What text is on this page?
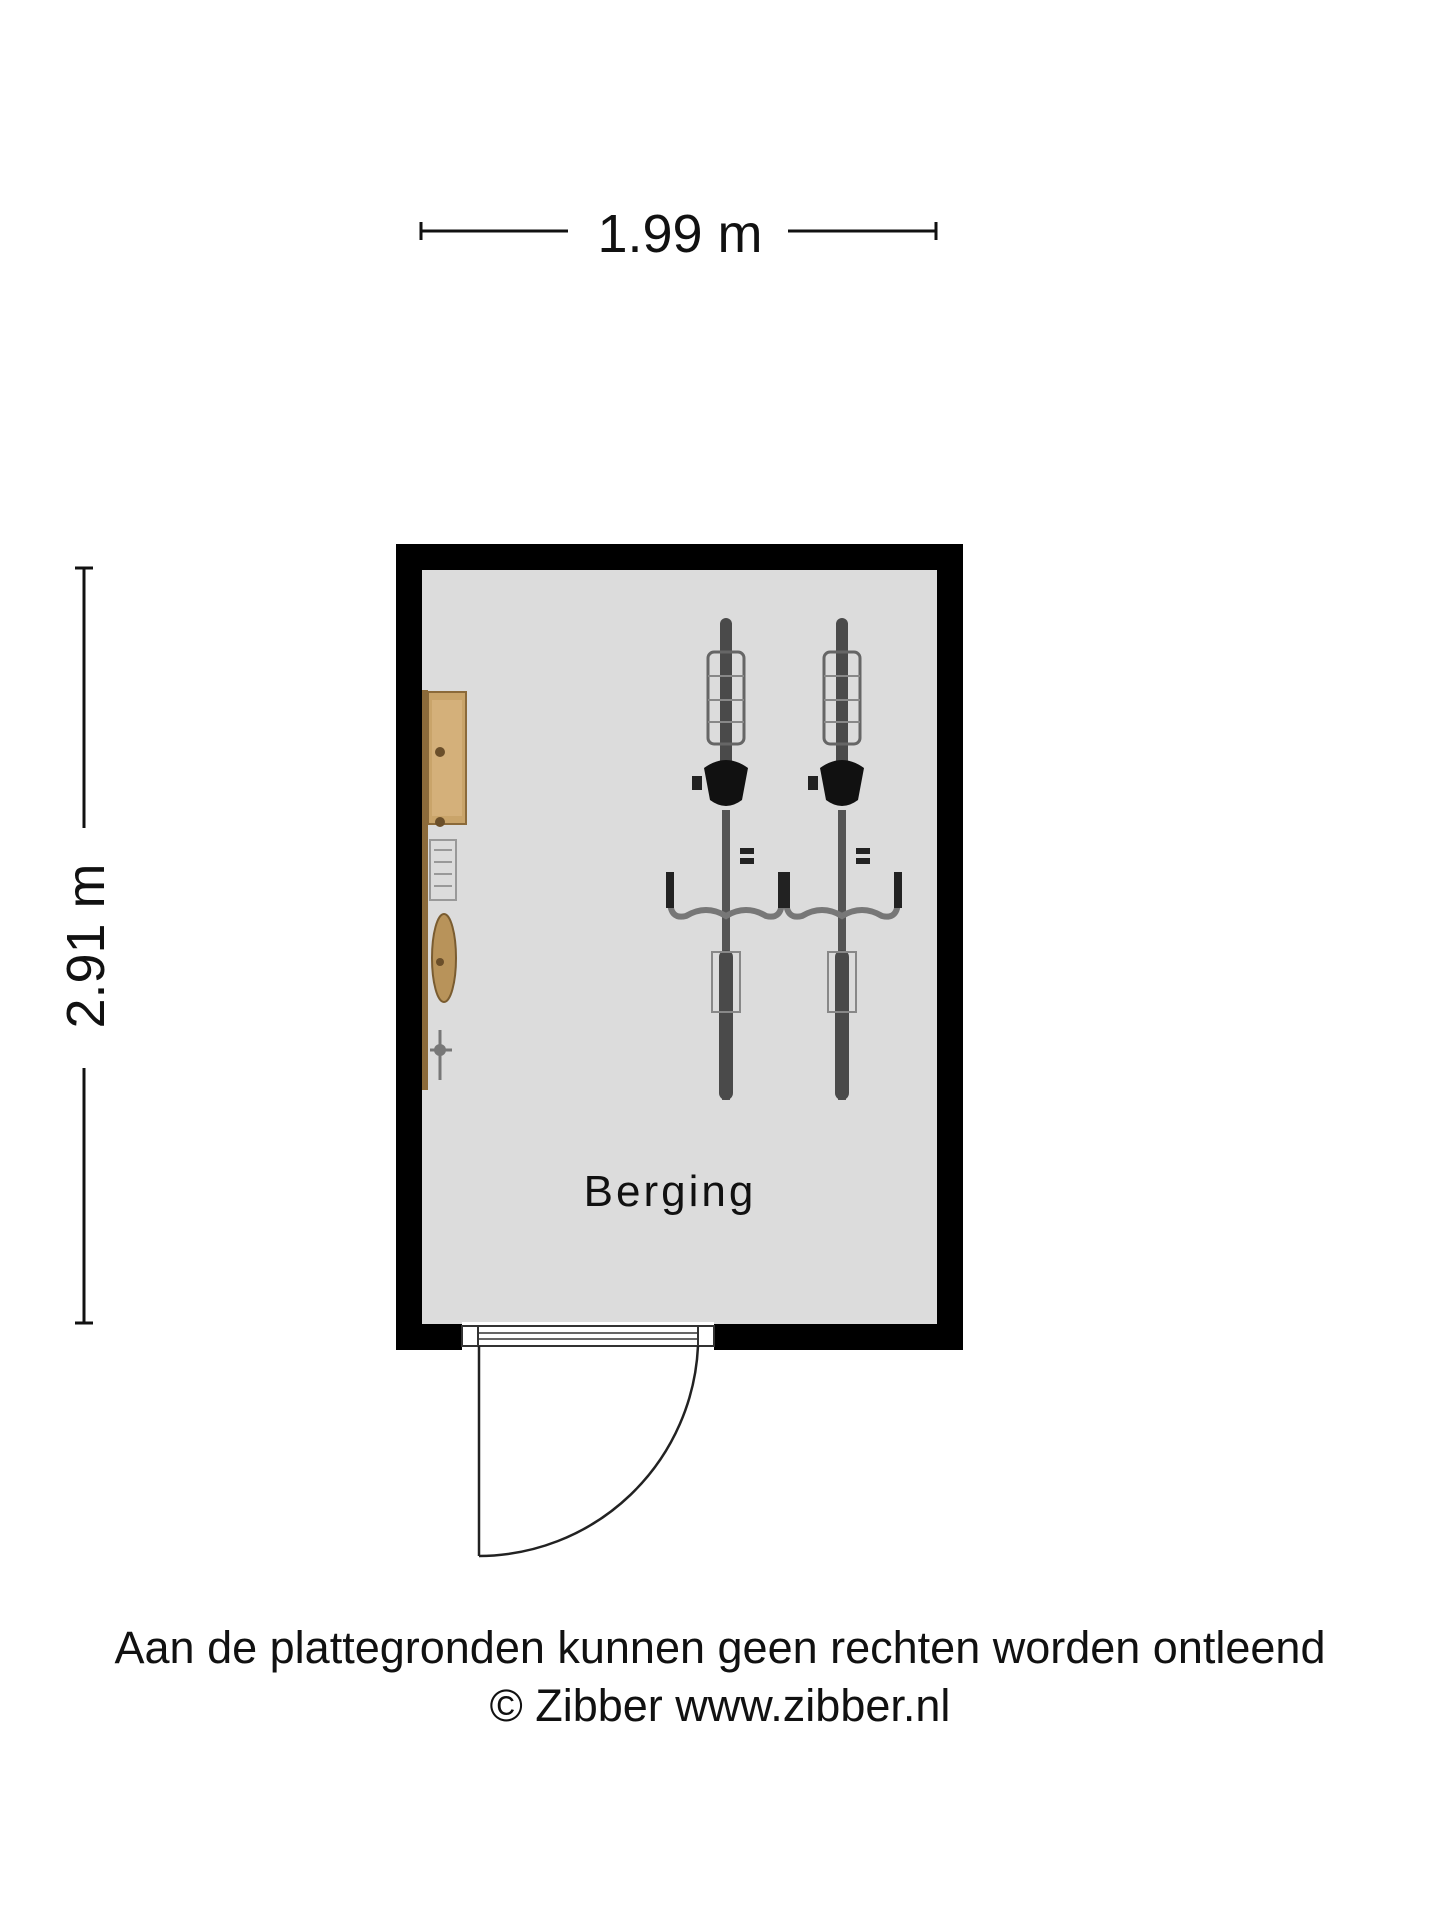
1.99 m
2.91 m
Berging
Aan de plattegronden kunnen geen rechten worden ontleend
© Zibber www.zibber.nl
